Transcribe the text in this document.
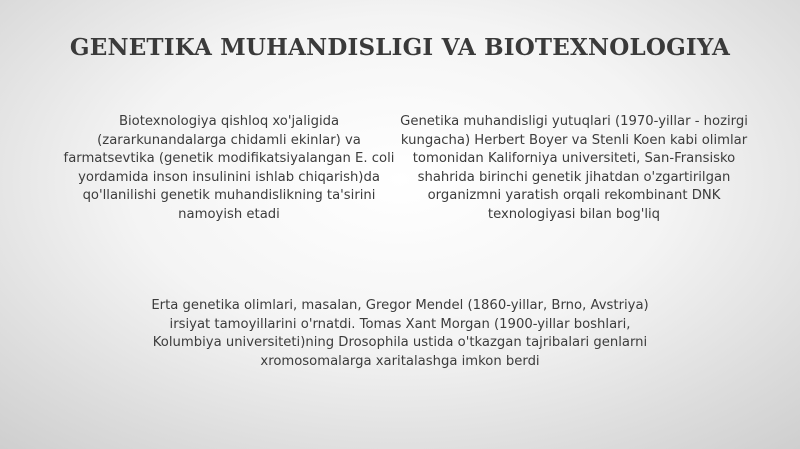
GENETIKA MUHANDISLIGI VA BIOTEXNOLOGIYA

Biotexnologiya qishloq xo'jaligida (zararkunandalarga chidamli ekinlar) va farmatsevtika (genetik modifikatsiyalangan E. coli yordamida inson insulinini ishlab chiqarish)da qo'llanilishi genetik muhandislikning ta'sirini namoyish etadi

Genetika muhandisligi yutuqlari (1970-yillar - hozirgi kungacha) Herbert Boyer va Stenli Koen kabi olimlar tomonidan Kaliforniya universiteti, San-Fransisko shahrida birinchi genetik jihatdan o'zgartirilgan organizmni yaratish orqali rekombinant DNK texnologiyasi bilan bog'liq

Erta genetika olimlari, masalan, Gregor Mendel (1860-yillar, Brno, Avstriya) irsiyat tamoyillarini o'rnatdi. Tomas Xant Morgan (1900-yillar boshlari, Kolumbiya universiteti)ning Drosophila ustida o'tkazgan tajribalari genlarni xromosomalarga xaritalashga imkon berdi
